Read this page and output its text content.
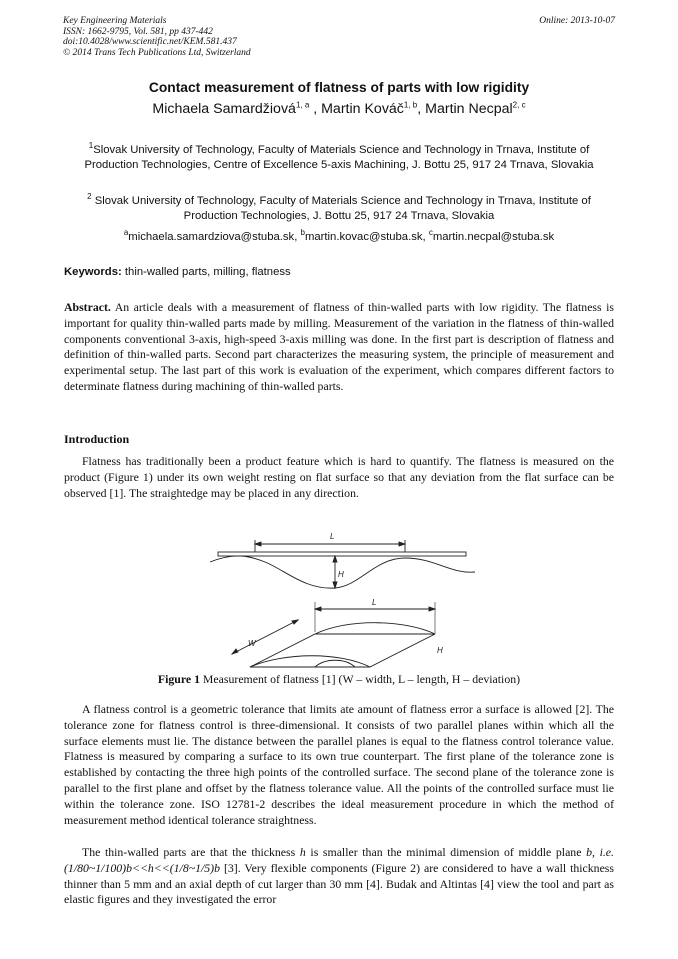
Key Engineering Materials
ISSN: 1662-9795, Vol. 581, pp 437-442
doi:10.4028/www.scientific.net/KEM.581.437
© 2014 Trans Tech Publications Ltd, Switzerland
Online: 2013-10-07
Contact measurement of flatness of parts with low rigidity
Michaela Samardžiová$^{1, a}$ , Martin Kováč$^{1, b}$, Martin Necpal$^{2, c}$
$^1$Slovak University of Technology, Faculty of Materials Science and Technology in Trnava, Institute of Production Technologies, Centre of Excellence 5-axis Machining, J. Bottu 25, 917 24 Trnava, Slovakia
$^2$ Slovak University of Technology, Faculty of Materials Science and Technology in Trnava, Institute of Production Technologies, J. Bottu 25, 917 24 Trnava, Slovakia
$^a$michaela.samardziova@stuba.sk, $^b$martin.kovac@stuba.sk, $^c$martin.necpal@stuba.sk
Keywords: thin-walled parts, milling, flatness
Abstract. An article deals with a measurement of flatness of thin-walled parts with low rigidity. The flatness is important for quality thin-walled parts made by milling. Measurement of the variation in the flatness of thin-walled components conventional 3-axis, high-speed 3-axis milling was done. In the first part is description of flatness and definition of thin-walled parts. Second part characterizes the measuring system, the principle of measurement and experimental setup. The last part of this work is evaluation of the experiment, which compares different factors to determinate flatness during machining of thin-walled parts.
Introduction
Flatness has traditionally been a product feature which is hard to quantify. The flatness is measured on the product (Figure 1) under its own weight resting on flat surface so that any deviation from the flat surface can be observed [1]. The straightedge may be placed in any direction.
L
H
L
W
H
Figure 1 Measurement of flatness [1] (W – width, L – length, H – deviation)
A flatness control is a geometric tolerance that limits ate amount of flatness error a surface is allowed [2]. The tolerance zone for flatness control is three-dimensional. It consists of two parallel planes within which all the surface elements must lie. The distance between the parallel planes is equal to the flatness control tolerance value. Flatness is measured by comparing a surface to its own true counterpart. The first plane of the tolerance zone is established by contacting the three high points of the controlled surface. The second plane of the tolerance zone is parallel to the first plane and offset by the flatness tolerance value. All the points of the controlled surface must lie within the tolerance zone. ISO 12781-2 describes the ideal measurement procedure in which the method of measurement method identical tolerance straightness.
The thin-walled parts are that the thickness h is smaller than the minimal dimension of middle plane b, i.e. (1/80~1/100)b<<h<<(1/8~1/5)b [3]. Very flexible components (Figure 2) are considered to have a wall thickness thinner than 5 mm and an axial depth of cut larger than 30 mm [4]. Budak and Altintas [4] view the tool and part as elastic figures and they investigated the error
